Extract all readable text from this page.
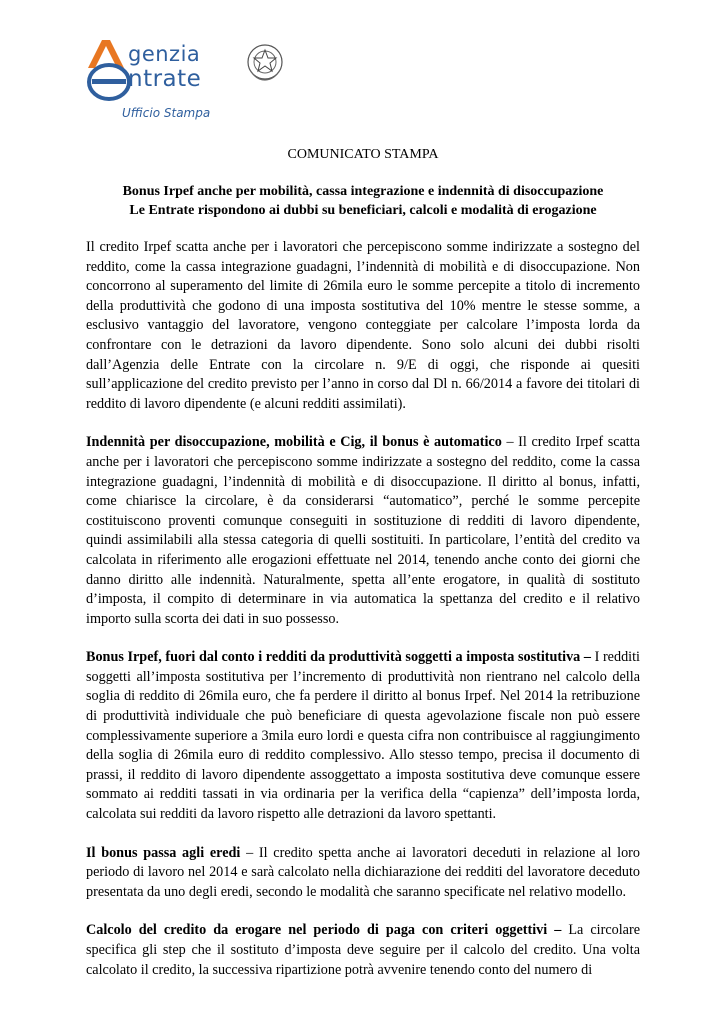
genzia
ntrate
Ufficio Stampa

COMUNICATO STAMPA

Bonus Irpef anche per mobilità, cassa integrazione e indennità di disoccupazione
Le Entrate rispondono ai dubbi su beneficiari, calcoli e modalità di erogazione

Il credito Irpef scatta anche per i lavoratori che percepiscono somme indirizzate a sostegno del reddito, come la cassa integrazione guadagni, l’indennità di mobilità e di disoccupazione. Non concorrono al superamento del limite di 26mila euro le somme percepite a titolo di incremento della produttività che godono di una imposta sostitutiva del 10% mentre le stesse somme, a esclusivo vantaggio del lavoratore, vengono conteggiate per calcolare l’imposta lorda da confrontare con le detrazioni da lavoro dipendente. Sono solo alcuni dei dubbi risolti dall’Agenzia delle Entrate con la circolare n. 9/E di oggi, che risponde ai quesiti sull’applicazione del credito previsto per l’anno in corso dal Dl n. 66/2014 a favore dei titolari di reddito di lavoro dipendente (e alcuni redditi assimilati).

Indennità per disoccupazione, mobilità e Cig, il bonus è automatico – Il credito Irpef scatta anche per i lavoratori che percepiscono somme indirizzate a sostegno del reddito, come la cassa integrazione guadagni, l’indennità di mobilità e di disoccupazione. Il diritto al bonus, infatti, come chiarisce la circolare, è da considerarsi “automatico”, perché le somme percepite costituiscono proventi comunque conseguiti in sostituzione di redditi di lavoro dipendente, quindi assimilabili alla stessa categoria di quelli sostituiti. In particolare, l’entità del credito va calcolata in riferimento alle erogazioni effettuate nel 2014, tenendo anche conto dei giorni che danno diritto alle indennità. Naturalmente, spetta all’ente erogatore, in qualità di sostituto d’imposta, il compito di determinare in via automatica la spettanza del credito e il relativo importo sulla scorta dei dati in suo possesso.

Bonus Irpef, fuori dal conto i redditi da produttività soggetti a imposta sostitutiva – I redditi soggetti all’imposta sostitutiva per l’incremento di produttività non rientrano nel calcolo della soglia di reddito di 26mila euro, che fa perdere il diritto al bonus Irpef. Nel 2014 la retribuzione di produttività individuale che può beneficiare di questa agevolazione fiscale non può essere complessivamente superiore a 3mila euro lordi e questa cifra non contribuisce al raggiungimento della soglia di 26mila euro di reddito complessivo. Allo stesso tempo, precisa il documento di prassi, il reddito di lavoro dipendente assoggettato a imposta sostitutiva deve comunque essere sommato ai redditi tassati in via ordinaria per la verifica della “capienza” dell’imposta lorda, calcolata sui redditi da lavoro rispetto alle detrazioni da lavoro spettanti.

Il bonus passa agli eredi – Il credito spetta anche ai lavoratori deceduti in relazione al loro periodo di lavoro nel 2014 e sarà calcolato nella dichiarazione dei redditi del lavoratore deceduto presentata da uno degli eredi, secondo le modalità che saranno specificate nel relativo modello.

Calcolo del credito da erogare nel periodo di paga con criteri oggettivi – La circolare specifica gli step che il sostituto d’imposta deve seguire per il calcolo del credito. Una volta calcolato il credito, la successiva ripartizione potrà avvenire tenendo conto del numero di
